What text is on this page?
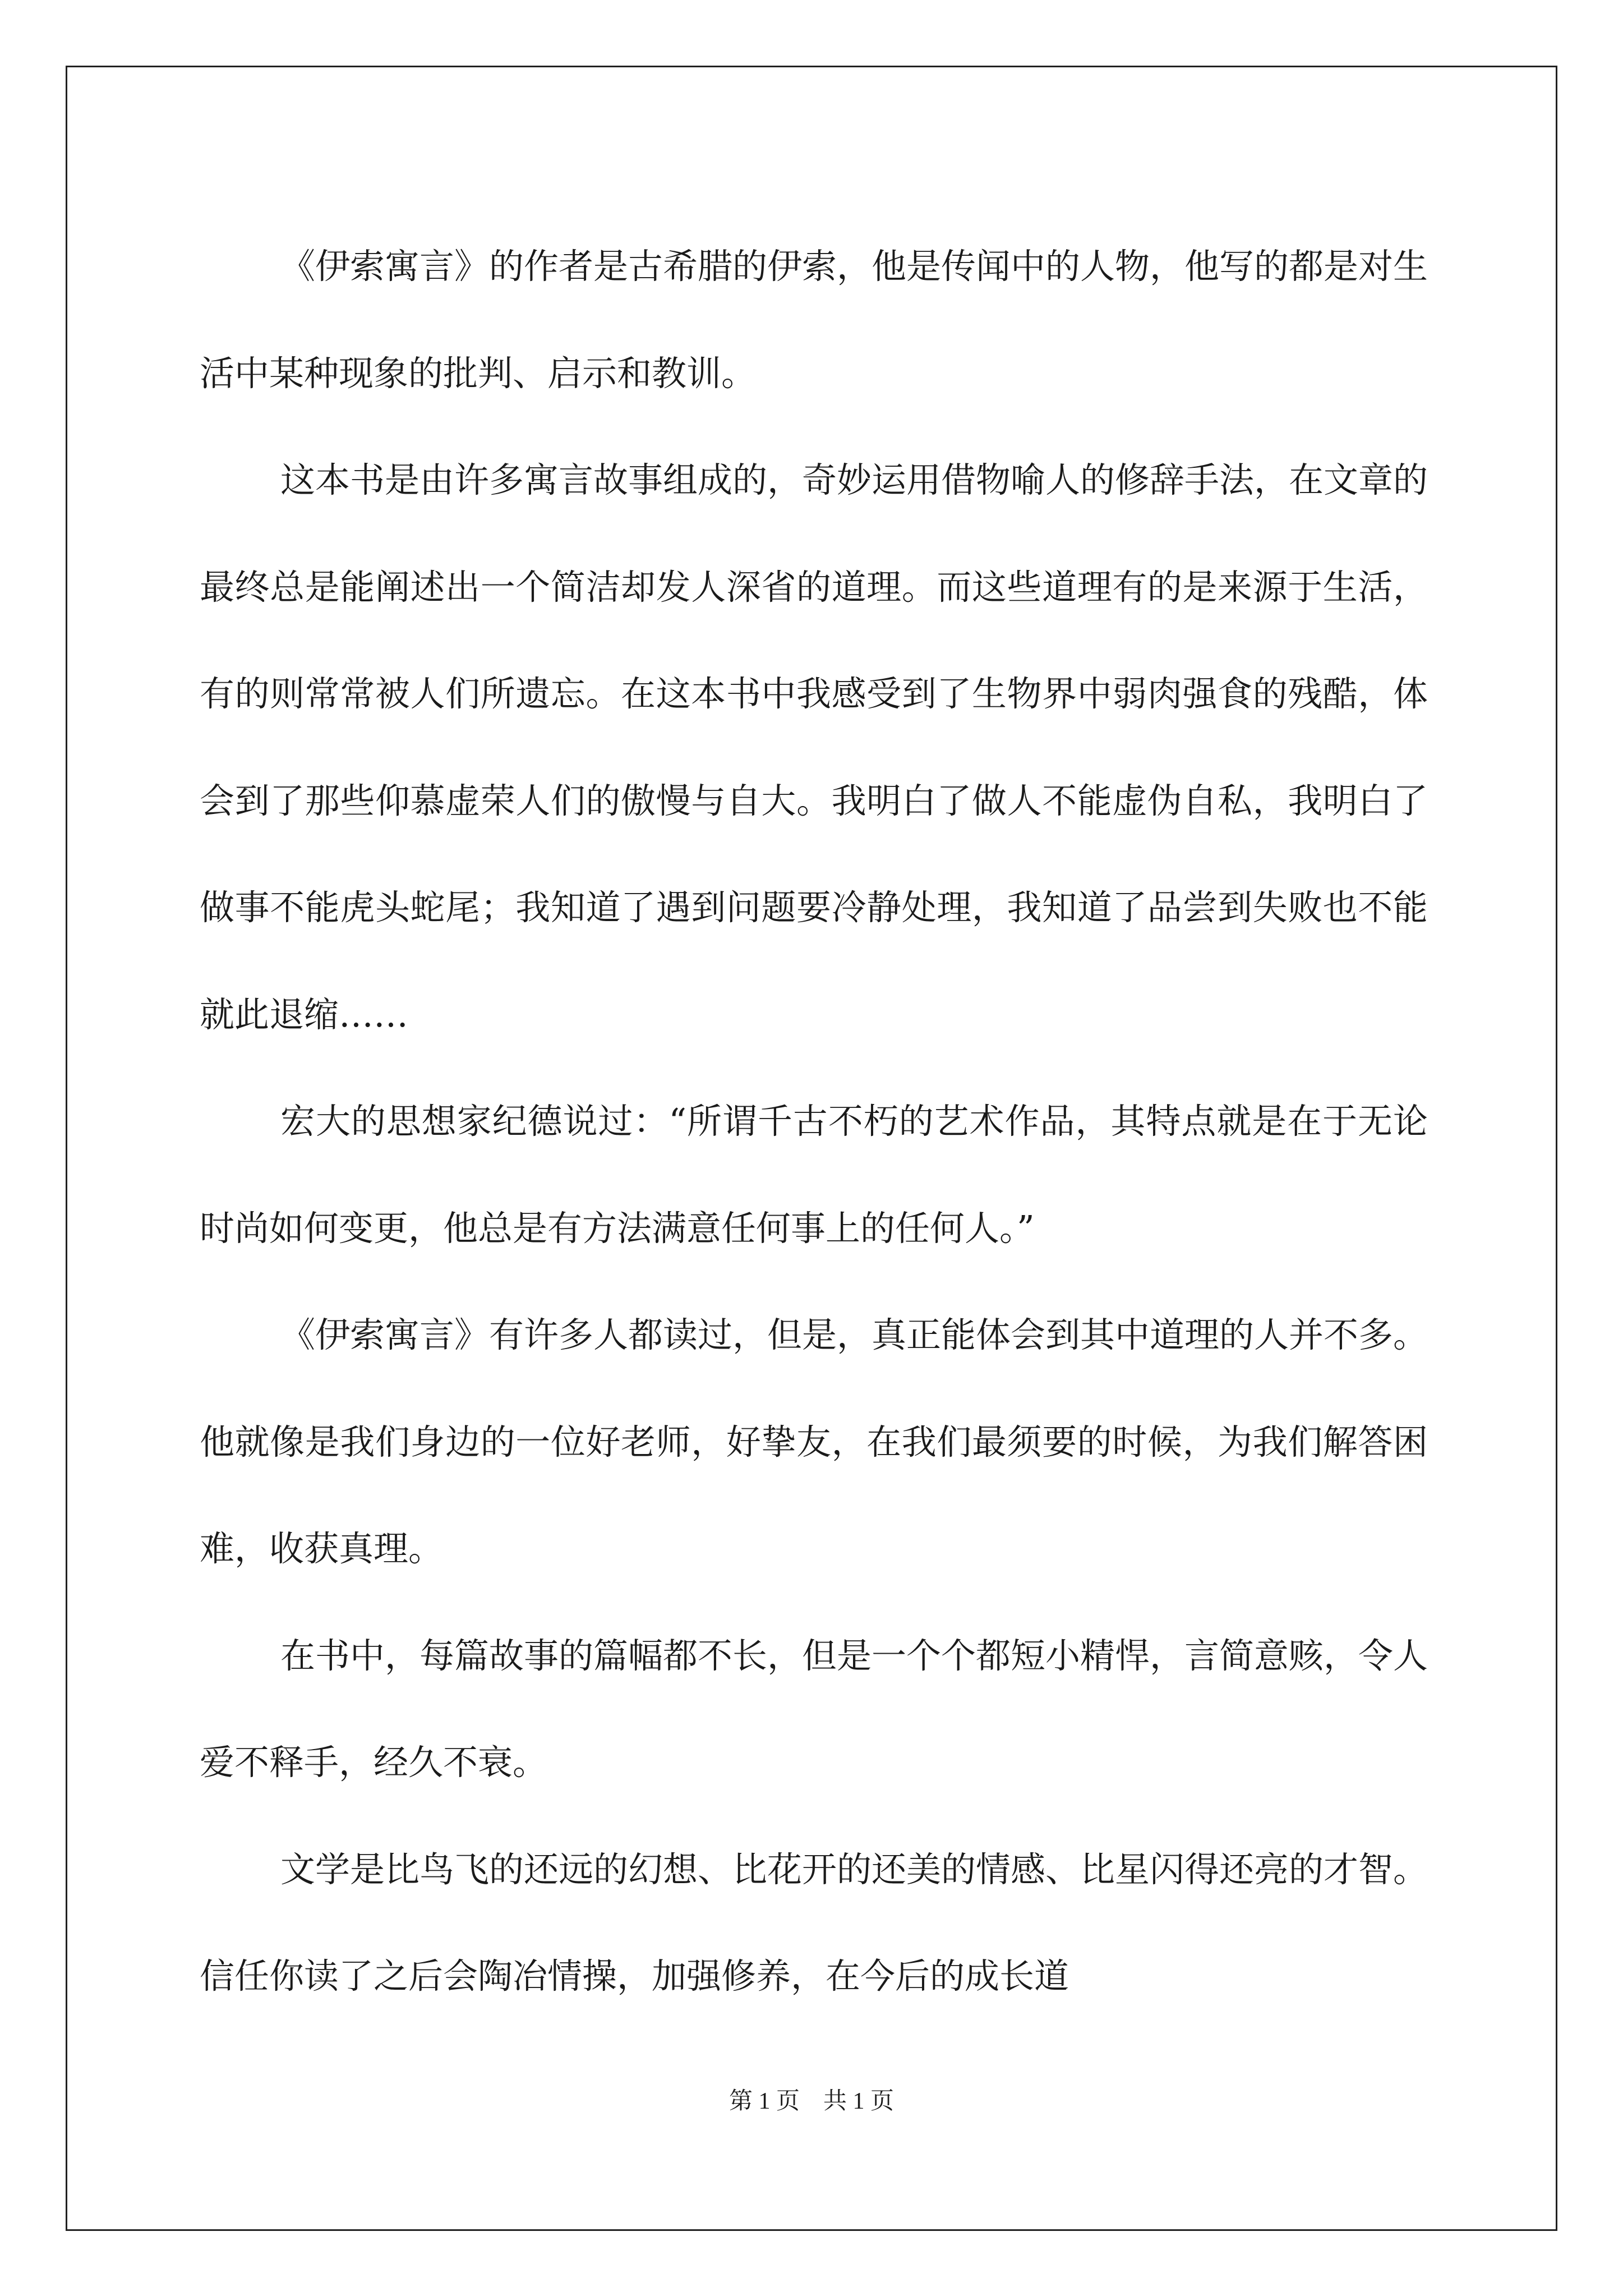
《伊索寓言》的作者是古希腊的伊索，他是传闻中的人物，他写的都是对生活中某种现象的批判、启示和教训。

这本书是由许多寓言故事组成的，奇妙运用借物喻人的修辞手法，在文章的最终总是能阐述出一个简洁却发人深省的道理。而这些道理有的是来源于生活，有的则常常被人们所遗忘。在这本书中我感受到了生物界中弱肉强食的残酷，体会到了那些仰慕虚荣人们的傲慢与自大。我明白了做人不能虚伪自私，我明白了做事不能虎头蛇尾；我知道了遇到问题要冷静处理，我知道了品尝到失败也不能就此退缩……

宏大的思想家纪德说过：“所谓千古不朽的艺术作品，其特点就是在于无论时尚如何变更，他总是有方法满意任何事上的任何人。”

《伊索寓言》有许多人都读过，但是，真正能体会到其中道理的人并不多。他就像是我们身边的一位好老师，好挚友，在我们最须要的时候，为我们解答困难，收获真理。

在书中，每篇故事的篇幅都不长，但是一个个都短小精悍，言简意赅，令人爱不释手，经久不衰。

文学是比鸟飞的还远的幻想、比花开的还美的情感、比星闪得还亮的才智。信任你读了之后会陶冶情操，加强修养，在今后的成长道

第 1 页 共 1 页
